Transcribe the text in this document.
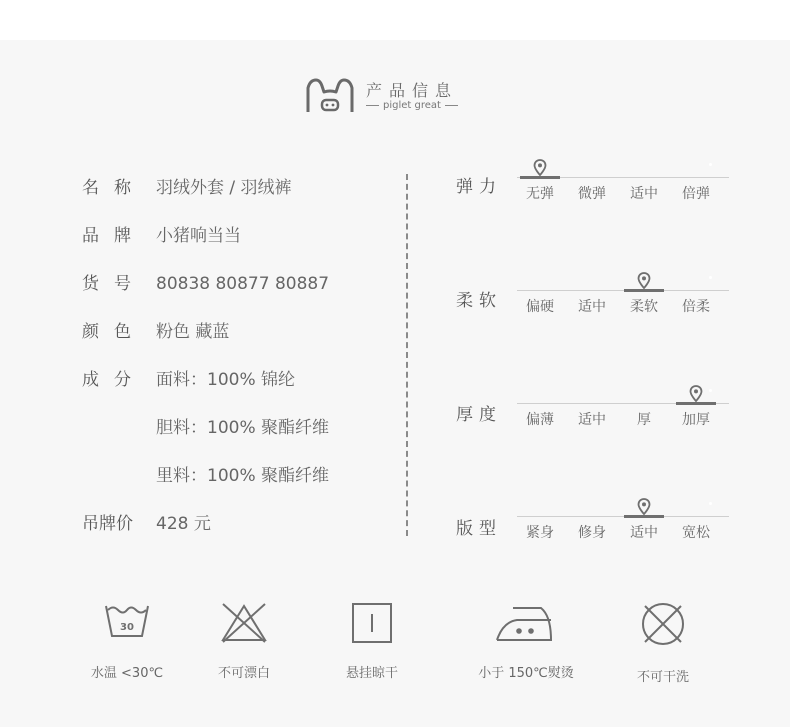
产品信息
piglet great
名称 羽绒外套 / 羽绒裤
品牌 小猪响当当
货号 80838 80877 80887
颜色 粉色 藏蓝
成分 面料：100% 锦纶
胆料：100% 聚酯纤维
里料：100% 聚酯纤维
吊牌价 428 元
弹力 无弹 微弹 适中 倍弹
柔软 偏硬 适中 柔软 倍柔
厚度 偏薄 适中 厚 加厚
版型 紧身 修身 适中 宽松
30
水温 <30℃	不可漂白	悬挂晾干	小于 150℃熨烫	不可干洗
